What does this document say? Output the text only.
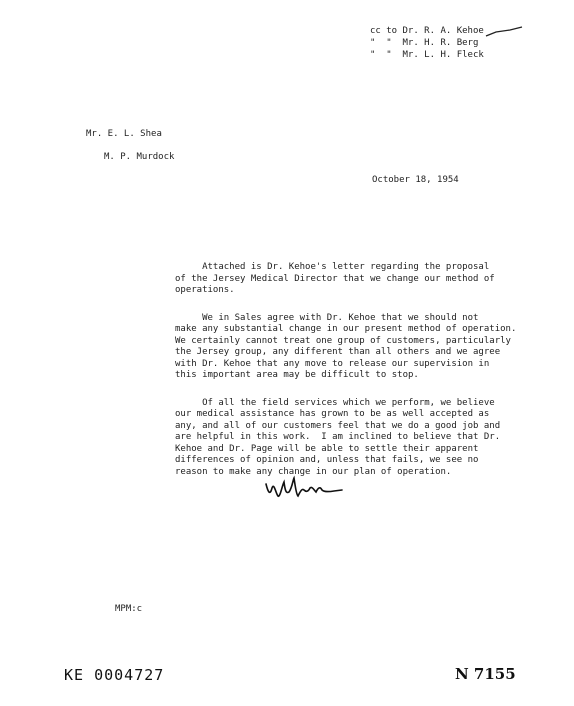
cc to Dr. R. A. Kehoe
"  "  Mr. H. R. Berg
"  "  Mr. L. H. Fleck
Mr. E. L. Shea
M. P. Murdock
October 18, 1954

Attached is Dr. Kehoe's letter regarding the proposal
of the Jersey Medical Director that we change our method of
operations.

We in Sales agree with Dr. Kehoe that we should not
make any substantial change in our present method of operation.
We certainly cannot treat one group of customers, particularly
the Jersey group, any different than all others and we agree
with Dr. Kehoe that any move to release our supervision in
this important area may be difficult to stop.

Of all the field services which we perform, we believe
our medical assistance has grown to be as well accepted as
any, and all of our customers feel that we do a good job and
are helpful in this work.  I am inclined to believe that Dr.
Kehoe and Dr. Page will be able to settle their apparent
differences of opinion and, unless that fails, we see no
reason to make any change in our plan of operation.

MPM:c
KE 0004727	N 7155
